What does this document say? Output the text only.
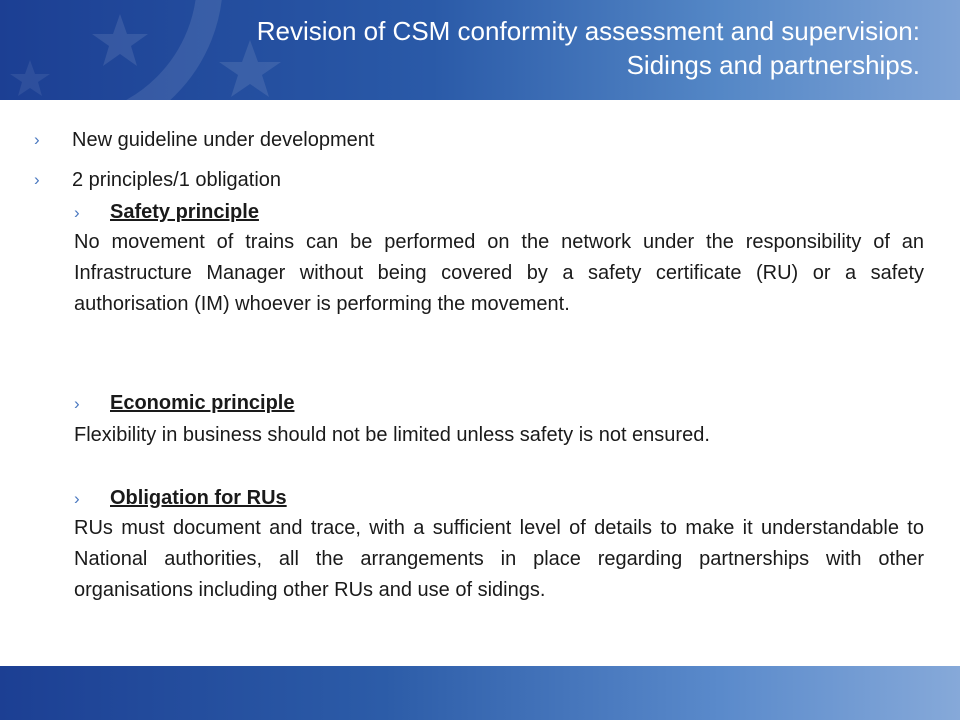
Revision of CSM conformity assessment and supervision:
Sidings and partnerships.
› New guideline under development
› 2 principles/1 obligation
› Safety principle
No movement of trains can be performed on the network under the responsibility of an Infrastructure Manager without being covered by a safety certificate (RU) or a safety authorisation (IM) whoever is performing the movement.
› Economic principle
Flexibility in business should not be limited unless safety is not ensured.
› Obligation for RUs
RUs must document and trace, with a sufficient level of details to make it understandable to National authorities, all the arrangements in place regarding partnerships with other organisations including other RUs and use of sidings.
